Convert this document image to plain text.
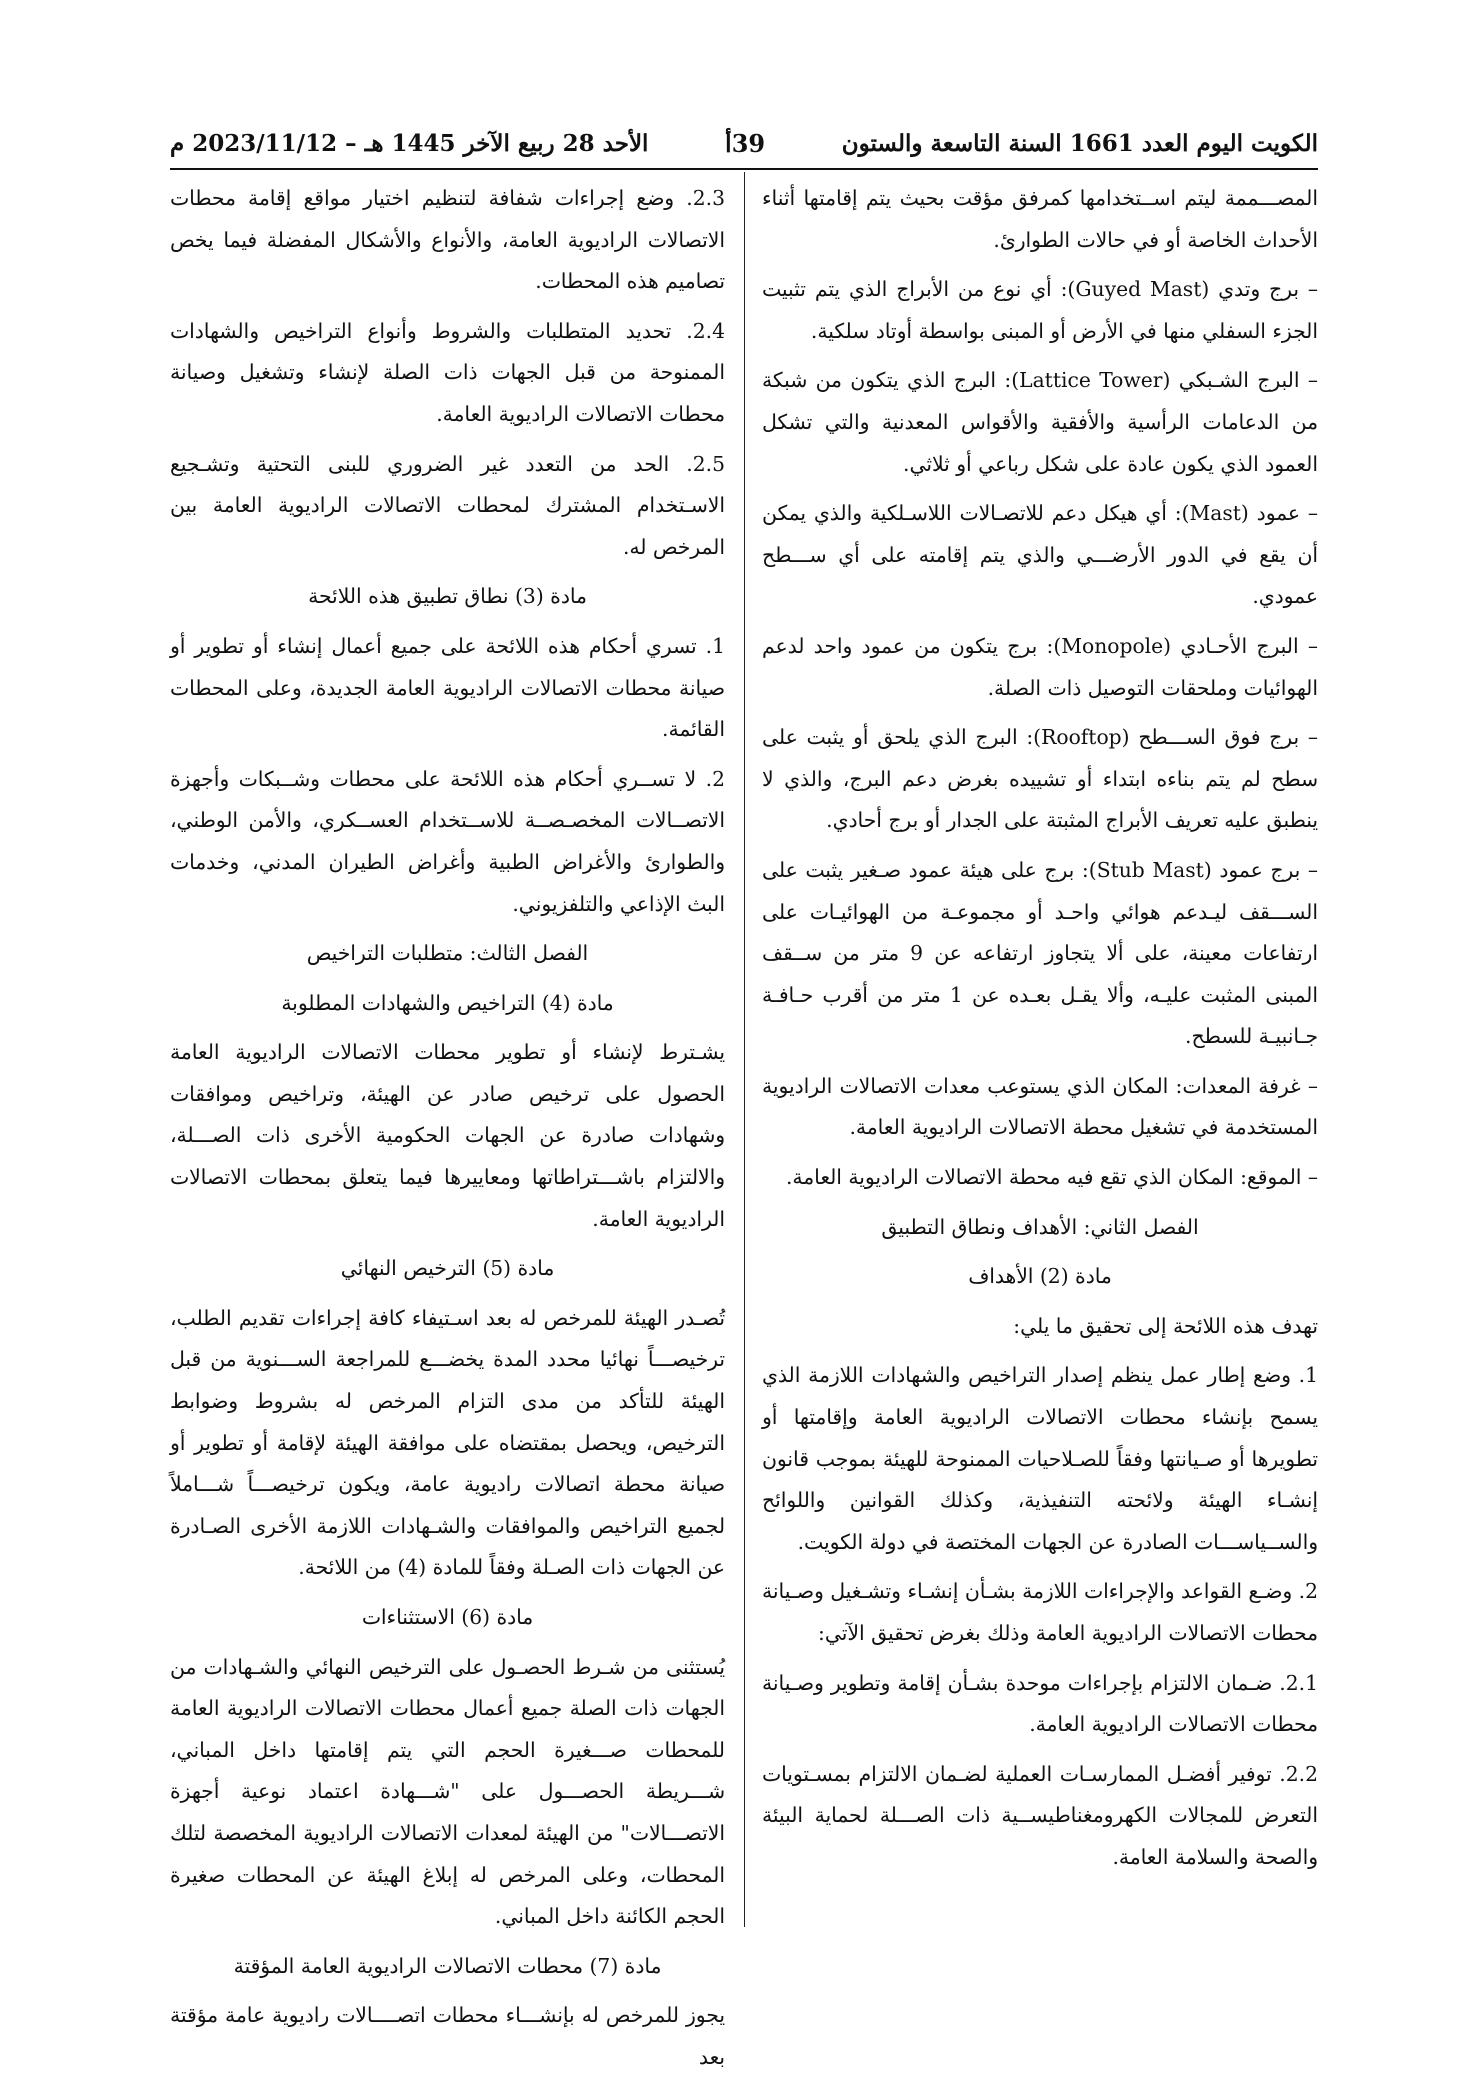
الكويت اليوم العدد 1661 السنة التاسعة والستون
39أ
الأحد 28 ربيع الآخر 1445 هـ – 2023/11/12 م

المصـــممة ليتم اســتخدامها كمرفق مؤقت بحيث يتم إقامتها أثناء الأحداث الخاصة أو في حالات الطوارئ.

– برج وتدي (Guyed Mast): أي نوع من الأبراج الذي يتم تثبيت الجزء السفلي منها في الأرض أو المبنى بواسطة أوتاد سلكية.

– البرج الشـبكي (Lattice Tower): البرج الذي يتكون من شبكة من الدعامات الرأسية والأفقية والأقواس المعدنية والتي تشكل العمود الذي يكون عادة على شكل رباعي أو ثلاثي.

– عمود (Mast): أي هيكل دعم للاتصـالات اللاسـلكية والذي يمكن أن يقع في الدور الأرضـــي والذي يتم إقامته على أي ســـطح عمودي.

– البرج الأحـادي (Monopole): برج يتكون من عمود واحد لدعم الهوائيات وملحقات التوصيل ذات الصلة.

– برج فوق الســـطح (Rooftop): البرج الذي يلحق أو يثبت على سطح لم يتم بناءه ابتداء أو تشييده بغرض دعم البرج، والذي لا ينطبق عليه تعريف الأبراج المثبتة على الجدار أو برج أحادي.

– برج عمود (Stub Mast): برج على هيئة عمود صـغير يثبت على الســـقف ليـدعم هوائي واحـد أو مجموعـة من الهوائيـات على ارتفاعات معينة، على ألا يتجاوز ارتفاعه عن 9 متر من ســقف المبنى المثبت عليـه، وألا يقـل بعـده عن 1 متر من أقرب حـافـة جـانبيـة للسطح.

– غرفة المعدات: المكان الذي يستوعب معدات الاتصالات الراديوية المستخدمة في تشغيل محطة الاتصالات الراديوية العامة.

– الموقع: المكان الذي تقع فيه محطة الاتصالات الراديوية العامة.

الفصل الثاني: الأهداف ونطاق التطبيق

مادة (2) الأهداف

تهدف هذه اللائحة إلى تحقيق ما يلي:

1. وضع إطار عمل ينظم إصدار التراخيص والشهادات اللازمة الذي يسمح بإنشاء محطات الاتصالات الراديوية العامة وإقامتها أو تطويرها أو صـيانتها وفقاً للصـلاحيات الممنوحة للهيئة بموجب قانون إنشـاء الهيئة ولائحته التنفيذية، وكذلك القوانين واللوائح والســياســـات الصادرة عن الجهات المختصة في دولة الكويت.

2. وضـع القواعد والإجراءات اللازمة بشـأن إنشـاء وتشـغيل وصـيانة محطات الاتصالات الراديوية العامة وذلك بغرض تحقيق الآتي:

2.1. ضـمان الالتزام بإجراءات موحدة بشـأن إقامة وتطوير وصـيانة محطات الاتصالات الراديوية العامة.

2.2. توفير أفضـل الممارسـات العملية لضـمان الالتزام بمسـتويات التعرض للمجالات الكهرومغناطيســية ذات الصـــلة لحماية البيئة والصحة والسلامة العامة.

2.3. وضع إجراءات شفافة لتنظيم اختيار مواقع إقامة محطات الاتصالات الراديوية العامة، والأنواع والأشكال المفضلة فيما يخص تصاميم هذه المحطات.

2.4. تحديد المتطلبات والشروط وأنواع التراخيص والشهادات الممنوحة من قبل الجهات ذات الصلة لإنشاء وتشغيل وصيانة محطات الاتصالات الراديوية العامة.

2.5. الحد من التعدد غير الضروري للبنى التحتية وتشـجيع الاسـتخدام المشترك لمحطات الاتصالات الراديوية العامة بين المرخص له.

مادة (3) نطاق تطبيق هذه اللائحة

1. تسري أحكام هذه اللائحة على جميع أعمال إنشاء أو تطوير أو صيانة محطات الاتصالات الراديوية العامة الجديدة، وعلى المحطات القائمة.

2. لا تســري أحكام هذه اللائحة على محطات وشــبكات وأجهزة الاتصــالات المخصـصــة للاســتخدام العســكري، والأمن الوطني، والطوارئ والأغراض الطبية وأغراض الطيران المدني، وخدمات البث الإذاعي والتلفزيوني.

الفصل الثالث: متطلبات التراخيص

مادة (4) التراخيص والشهادات المطلوبة

يشـترط لإنشاء أو تطوير محطات الاتصالات الراديوية العامة الحصول على ترخيص صادر عن الهيئة، وتراخيص وموافقات وشهادات صادرة عن الجهات الحكومية الأخرى ذات الصـــلة، والالتزام باشـــتراطاتها ومعاييرها فيما يتعلق بمحطات الاتصالات الراديوية العامة.

مادة (5) الترخيص النهائي

تُصـدر الهيئة للمرخص له بعد اسـتيفاء كافة إجراءات تقديم الطلب، ترخيصـــاً نهائيا محدد المدة يخضـــع للمراجعة الســـنوية من قبل الهيئة للتأكد من مدى التزام المرخص له بشروط وضوابط الترخيص، ويحصل بمقتضاه على موافقة الهيئة لإقامة أو تطوير أو صيانة محطة اتصالات راديوية عامة، ويكون ترخيصـــاً شـــاملاً لجميع التراخيص والموافقات والشـهادات اللازمة الأخرى الصـادرة عن الجهات ذات الصـلة وفقاً للمادة (4) من اللائحة.

مادة (6) الاستثناءات

يُستثنى من شـرط الحصـول على الترخيص النهائي والشـهادات من الجهات ذات الصلة جميع أعمال محطات الاتصالات الراديوية العامة للمحطات صـــغيرة الحجم التي يتم إقامتها داخل المباني، شـــريطة الحصـــول على "شـــهادة اعتماد نوعية أجهزة الاتصـــالات" من الهيئة لمعدات الاتصالات الراديوية المخصصة لتلك المحطات، وعلى المرخص له إبلاغ الهيئة عن المحطات صغيرة الحجم الكائنة داخل المباني.

مادة (7) محطات الاتصالات الراديوية العامة المؤقتة

يجوز للمرخص له بإنشـــاء محطات اتصــــالات راديوية عامة مؤقتة بعد
